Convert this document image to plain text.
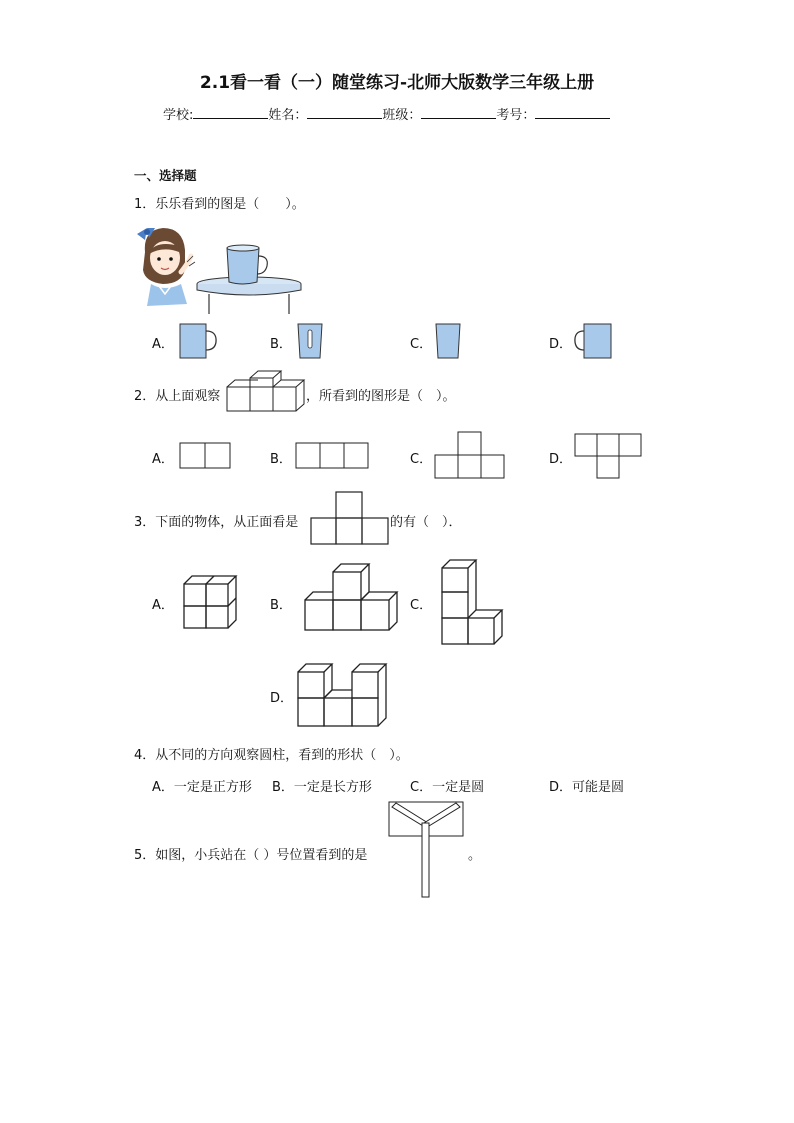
2.1看一看（一）随堂练习-北师大版数学三年级上册
学校:	姓名：	班级：	考号：
一、选择题
1．乐乐看到的图是（　　）。
A．	B．	C．	D．
2．从上面观察	，所看到的图形是（　）。
A．	B．	C．	D．
3．下面的物体，从正面看是	的有（　）．
A．	B．	C．
D．
4．从不同的方向观察圆柱，看到的形状（　）。
A．一定是正方形 B．一定是长方形	C．一定是圆	D．可能是圆
5．如图，小兵站在（ ）号位置看到的是	。
